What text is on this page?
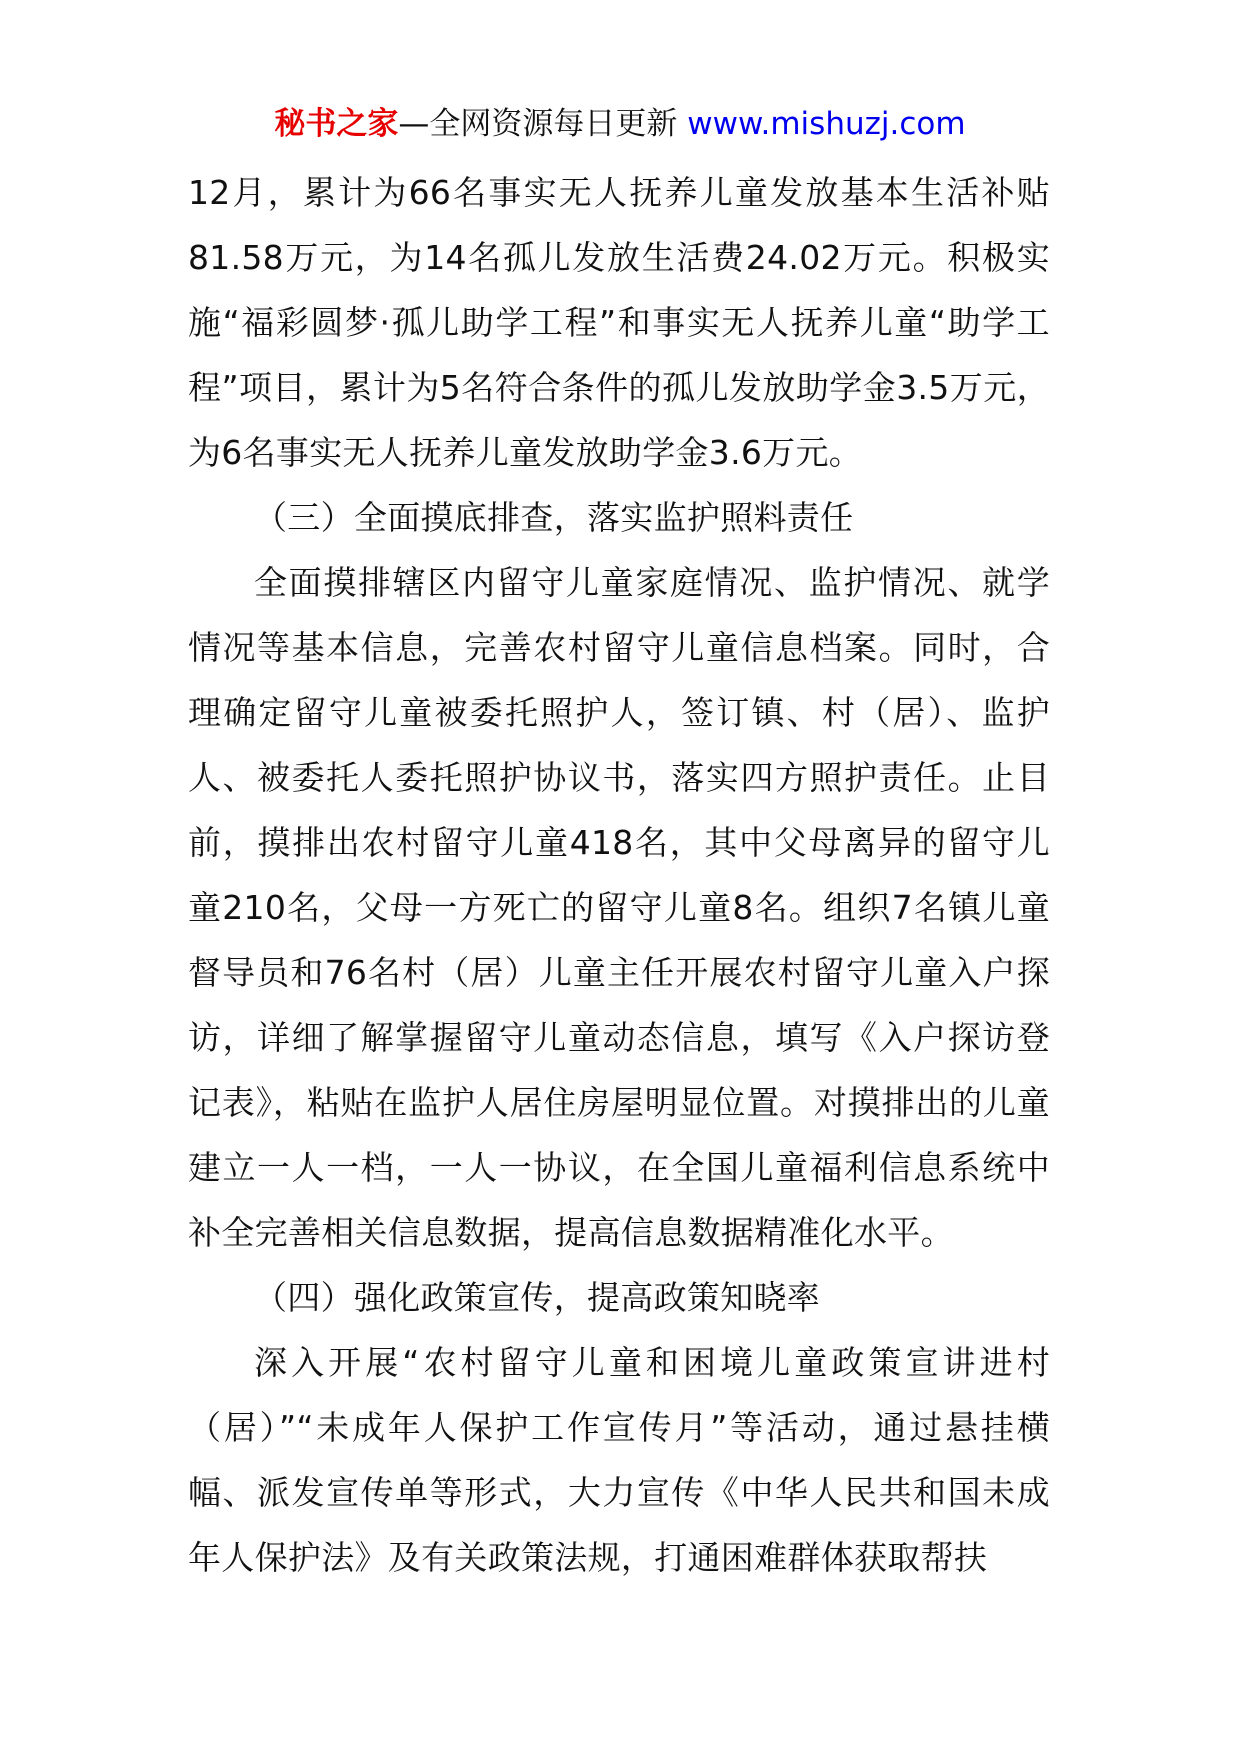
秘书之家—全网资源每日更新 www.mishuzj.com

12月，累计为66名事实无人抚养儿童发放基本生活补贴81.58万元，为14名孤儿发放生活费24.02万元。积极实施“福彩圆梦·孤儿助学工程”和事实无人抚养儿童“助学工程”项目，累计为5名符合条件的孤儿发放助学金3.5万元，为6名事实无人抚养儿童发放助学金3.6万元。

（三）全面摸底排查，落实监护照料责任

全面摸排辖区内留守儿童家庭情况、监护情况、就学情况等基本信息，完善农村留守儿童信息档案。同时，合理确定留守儿童被委托照护人，签订镇、村（居）、监护人、被委托人委托照护协议书，落实四方照护责任。止目前，摸排出农村留守儿童418名，其中父母离异的留守儿童210名，父母一方死亡的留守儿童8名。组织7名镇儿童督导员和76名村（居）儿童主任开展农村留守儿童入户探访，详细了解掌握留守儿童动态信息，填写《入户探访登记表》，粘贴在监护人居住房屋明显位置。对摸排出的儿童建立一人一档，一人一协议，在全国儿童福利信息系统中补全完善相关信息数据，提高信息数据精准化水平。

（四）强化政策宣传，提高政策知晓率

深入开展“农村留守儿童和困境儿童政策宣讲进村（居）”“未成年人保护工作宣传月”等活动，通过悬挂横幅、派发宣传单等形式，大力宣传《中华人民共和国未成年人保护法》及有关政策法规，打通困难群体获取帮扶
